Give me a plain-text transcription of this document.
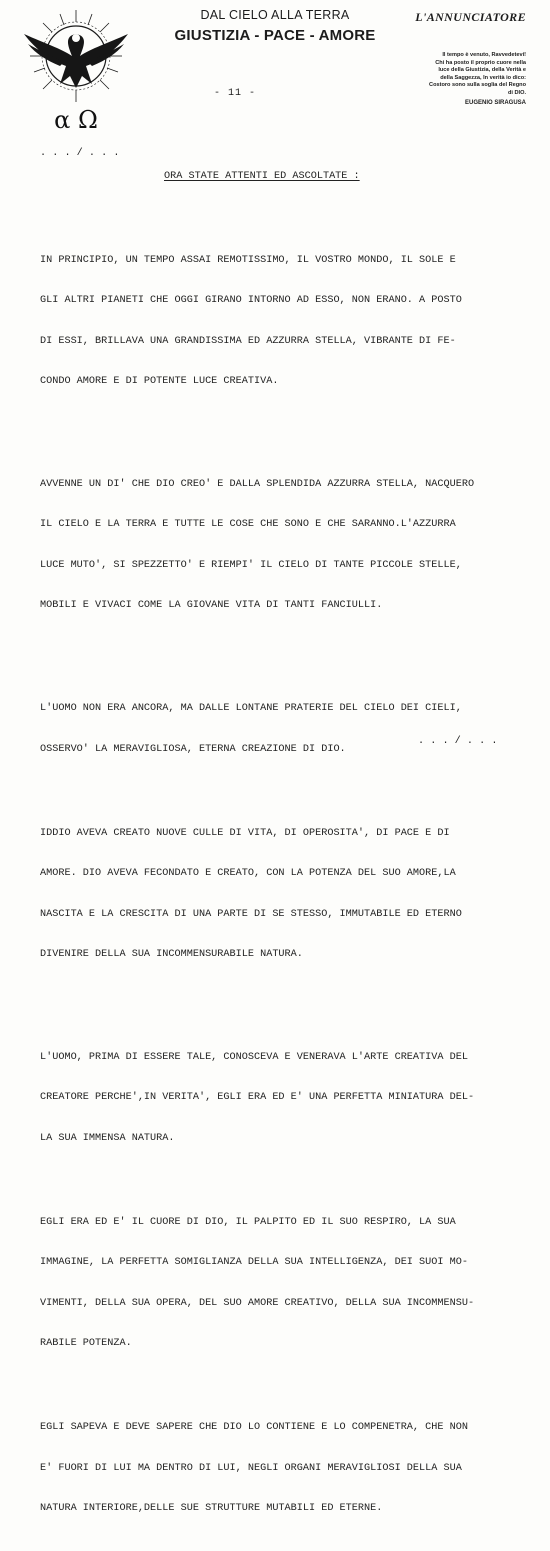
α Ω
DAL CIELO ALLA TERRA
GIUSTIZIA - PACE - AMORE
- 11 -
L'ANNUNCIATORE
Il tempo è venuto, Ravvedetevi!
Chi ha posto il proprio cuore nella
luce della Giustizia, della Verità e
della Saggezza, In verità io dico:
Costoro sono sulla soglia del Regno
di DIO.
EUGENIO SIRAGUSA
. . . / . . .
ORA STATE ATTENTI ED ASCOLTATE :

IN PRINCIPIO, UN TEMPO ASSAI REMOTISSIMO, IL VOSTRO MONDO, IL SOLE E

GLI ALTRI PIANETI CHE OGGI GIRANO INTORNO AD ESSO, NON ERANO. A POSTO

DI ESSI, BRILLAVA UNA GRANDISSIMA ED AZZURRA STELLA, VIBRANTE DI FE-

CONDO AMORE E DI POTENTE LUCE CREATIVA.

AVVENNE UN DI' CHE DIO CREO' E DALLA SPLENDIDA AZZURRA STELLA, NACQUERO

IL CIELO E LA TERRA E TUTTE LE COSE CHE SONO E CHE SARANNO.L'AZZURRA

LUCE MUTO', SI SPEZZETTO' E RIEMPI' IL CIELO DI TANTE PICCOLE STELLE,

MOBILI E VIVACI COME LA GIOVANE VITA DI TANTI FANCIULLI.

L'UOMO NON ERA ANCORA, MA DALLE LONTANE PRATERIE DEL CIELO DEI CIELI,

OSSERVO' LA MERAVIGLIOSA, ETERNA CREAZIONE DI DIO.

IDDIO AVEVA CREATO NUOVE CULLE DI VITA, DI OPEROSITA', DI PACE E DI

AMORE. DIO AVEVA FECONDATO E CREATO, CON LA POTENZA DEL SUO AMORE,LA

NASCITA E LA CRESCITA DI UNA PARTE DI SE STESSO, IMMUTABILE ED ETERNO

DIVENIRE DELLA SUA INCOMMENSURABILE NATURA.

L'UOMO, PRIMA DI ESSERE TALE, CONOSCEVA E VENERAVA L'ARTE CREATIVA DEL

CREATORE PERCHE',IN VERITA', EGLI ERA ED E' UNA PERFETTA MINIATURA DEL-

LA SUA IMMENSA NATURA.

EGLI ERA ED E' IL CUORE DI DIO, IL PALPITO ED IL SUO RESPIRO, LA SUA

IMMAGINE, LA PERFETTA SOMIGLIANZA DELLA SUA INTELLIGENZA, DEI SUOI MO-

VIMENTI, DELLA SUA OPERA, DEL SUO AMORE CREATIVO, DELLA SUA INCOMMENSU-

RABILE POTENZA.

EGLI SAPEVA E DEVE SAPERE CHE DIO LO CONTIENE E LO COMPENETRA, CHE NON

E' FUORI DI LUI MA DENTRO DI LUI, NEGLI ORGANI MERAVIGLIOSI DELLA SUA

NATURA INTERIORE,DELLE SUE STRUTTURE MUTABILI ED ETERNE.

. . . / . . .
